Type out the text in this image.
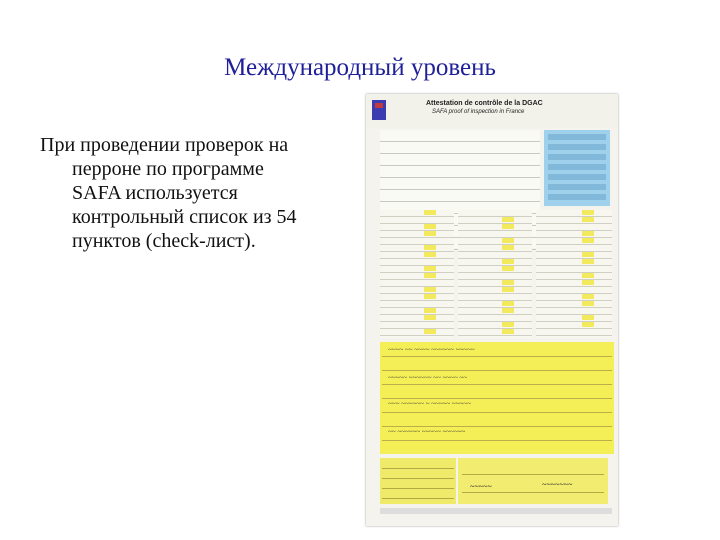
Международный уровень
При проведении проверок на
перроне по программе
SAFA используется
контрольный список из 54
пунктов (check-лист).
Attestation de contrôle de la DGAC
SAFA proof of inspection in France
~~~~ ~~ ~~~~ ~~~~~~ ~~~~~
~~~~~ ~~~~~~ ~~ ~~~~ ~~
~~~ ~~~~~~ ~ ~~~~~ ~~~~~
~~ ~~~~~~ ~~~~~ ~~~~~~
~~~~~	~~~~~~~
